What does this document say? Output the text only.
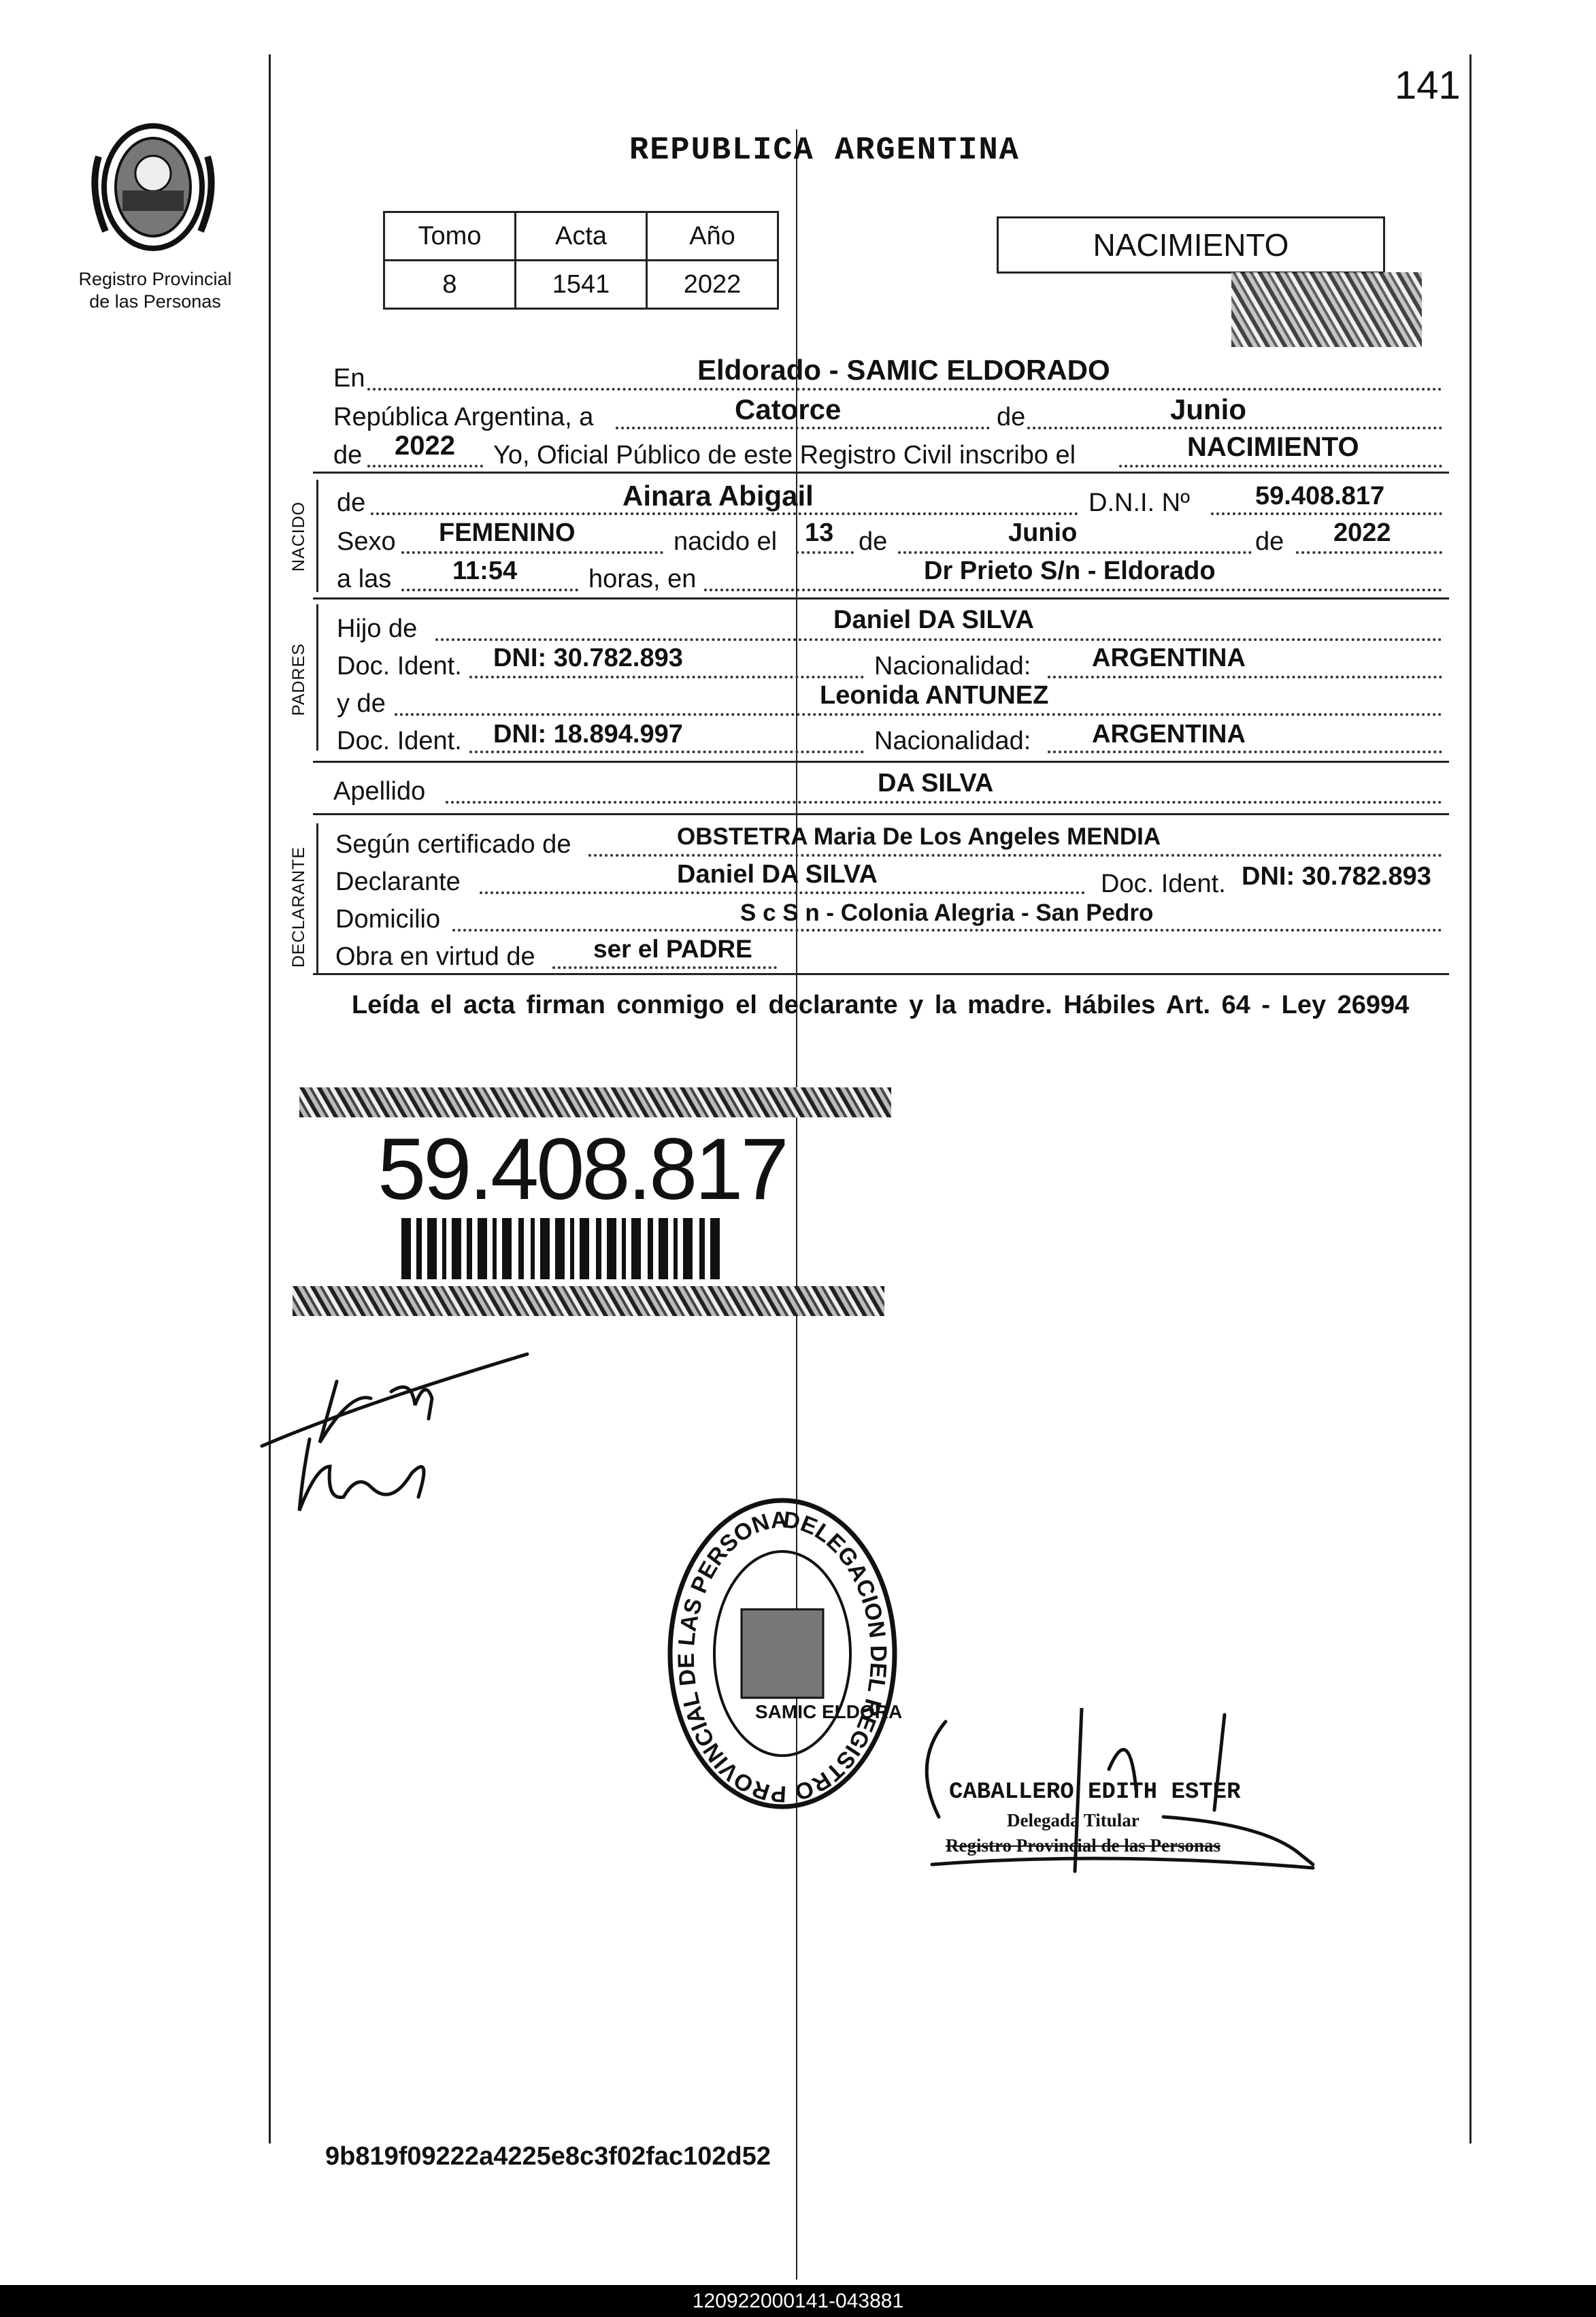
141
Registro Provincial
de las Personas
REPUBLICA ARGENTINA
Tomo	Acta	Año
8	1541	2022
NACIMIENTO
En	Eldorado - SAMIC ELDORADO
República Argentina, a	Catorce	de	Junio
de 2022 Yo, Oficial Público de este Registro Civil inscribo el	NACIMIENTO
NACIDO de	Ainara Abigail	D.N.I. Nº	59.408.817
Sexo FEMENINO	nacido el 13 de	Junio	de 2022
a las 11:54	horas, en	Dr Prieto S/n - Eldorado
PADRES
Hijo de	Daniel DA SILVA
Doc. Ident. DNI: 30.782.893	Nacionalidad: ARGENTINA
y de	Leonida ANTUNEZ
Doc. Ident. DNI: 18.894.997	Nacionalidad: ARGENTINA
Apellido	DA SILVA
DECLARANTE
Según certificado de	OBSTETRA Maria De Los Angeles MENDIA
Declarante	Daniel DA SILVA	Doc. Ident. DNI: 30.782.893
Domicilio	S c S n - Colonia Alegria - San Pedro
Obra en virtud de ser el PADRE
Leída el acta firman conmigo el declarante y la madre. Hábiles Art. 64 - Ley 26994
59.408.817
DELEGACION DEL REGISTRO PROVINCIAL DE LAS PERSONA
SAMIC ELDORA
CABALLERO EDITH ESTER
Delegada Titular
Registro Provincial de las Personas
9b819f09222a4225e8c3f02fac102d52
120922000141-043881
